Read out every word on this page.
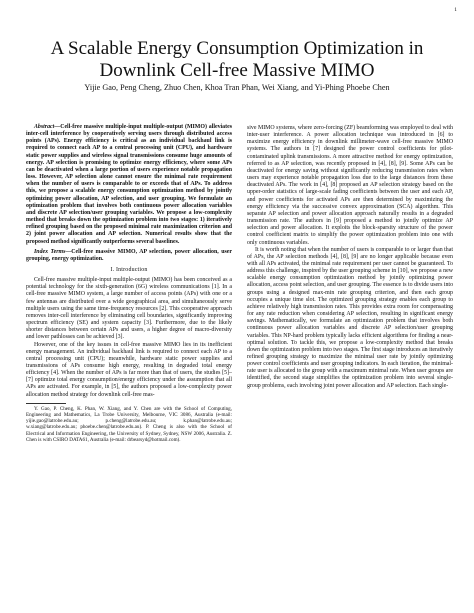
1
A Scalable Energy Consumption Optimization in Downlink Cell-free Massive MIMO
Yijie Gao, Peng Cheng, Zhuo Chen, Khoa Tran Phan, Wei Xiang, and Yi-Phing Phoebe Chen

Abstract—Cell-free massive multiple-input multiple-output (MIMO) alleviates inter-cell interference by cooperatively serving users through distributed access points (APs). Energy efficiency is critical as an individual backhaul link is required to connect each AP to a central processing unit (CPU), and hardware static power supplies and wireless signal transmissions consume huge amounts of energy. AP selection is promising to optimize energy efficiency, where some APs can be deactivated when a large portion of users experience notable propagation loss. However, AP selection alone cannot ensure the minimal rate requirement when the number of users is comparable to or exceeds that of APs. To address this, we propose a scalable energy consumption optimization method by jointly optimizing power allocation, AP selection, and user grouping. We formulate an optimization problem that involves both continuous power allocation variables and discrete AP selection/user grouping variables. We propose a low-complexity method that breaks down the optimization problem into two stages: 1) iteratively refined grouping based on the proposed minimal rate maximization criterion and 2) joint power allocation and AP selection. Numerical results show that the proposed method significantly outperforms several baselines.

Index Terms—Cell-free massive MIMO, AP selection, power allocation, user grouping, energy optimization.

I. Introduction

Cell-free massive multiple-input multiple-output (MIMO) has been conceived as a potential technology for the sixth-generation (6G) wireless communications [1]. In a cell-free massive MIMO system, a large number of access points (APs) with one or a few antennas are distributed over a wide geographical area, and simultaneously serve multiple users using the same time-frequency resources [2]. This cooperative approach removes inter-cell interference by eliminating cell boundaries, significantly improving spectrum efficiency (SE) and system capacity [3]. Furthermore, due to the likely shorter distances between certain APs and users, a higher degree of macro-diversity and lower pathlosses can be achieved [3].

However, one of the key issues in cell-free massive MIMO lies in its inefficient energy management. An individual backhaul link is required to connect each AP to a central processing unit (CPU); meanwhile, hardware static power supplies and transmissions of APs consume high energy, resulting in degraded total energy efficiency [4]. When the number of APs is far more than that of users, the studies [5]–[7] optimize total energy consumption/energy efficiency under the assumption that all APs are activated. For example, in [5], the authors proposed a low-complexity power allocation method strategy for downlink cell-free mas-

Y. Gao, P. Cheng, K. Phan, W. Xiang, and Y. Chen are with the School of Computing, Engineering and Mathematics, La Trobe University, Melbourne, VIC 3086, Australia (e-mail: yijie.gao@latrobe.edu.au; p.cheng@latrobe.edu.au; k.phan@latrobe.edu.au; w.xiang@latrobe.edu.au; phoebe.chen@latrobe.edu.au). P. Cheng is also with the School of Electrical and Information Engineering, the University of Sydney, Sydney, NSW 2006, Australia. Z. Chen is with CSIRO DATA61, Australia (e-mail: drbearsyd@hotmail.com).

sive MIMO systems, where zero-forcing (ZF) beamforming was employed to deal with inter-user interference. A power allocation technique was introduced in [6] to maximize energy efficiency in downlink millimeter-wave cell-free massive MIMO systems. The authors in [7] designed the power control coefficients for pilot-contaminated uplink transmissions. A more attractive method for energy optimization, referred to as AP selection, was recently proposed in [4], [8], [9]. Some APs can be deactivated for energy saving without significantly reducing transmission rates when users may experience notable propagation loss due to the large distances from these deactivated APs. The work in [4], [8] proposed an AP selection strategy based on the upper-order statistics of large-scale fading coefficients between the user and each AP, and power coefficients for activated APs are then determined by maximizing the energy efficiency via the successive convex approximation (SCA) algorithm. This separate AP selection and power allocation approach naturally results in a degraded transmission rate. The authors in [9] proposed a method to jointly optimize AP selection and power allocation. It exploits the block-sparsity structure of the power control coefficient matrix to simplify the power optimization problem into one with only continuous variables.

It is worth noting that when the number of users is comparable to or larger than that of APs, the AP selection methods [4], [8], [9] are no longer applicable because even with all APs activated, the minimal rate requirement per user cannot be guaranteed. To address this challenge, inspired by the user grouping scheme in [10], we propose a new scalable energy consumption optimization method by jointly optimizing power allocation, access point selection, and user grouping. The essence is to divide users into groups using a designed max-min rate grouping criterion, and then each group occupies a unique time slot. The optimized grouping strategy enables each group to achieve relatively high transmission rates. This provides extra room for compensating for any rate reduction when considering AP selection, resulting in significant energy savings. Mathematically, we formulate an optimization problem that involves both continuous power allocation variables and discrete AP selection/user grouping variables. This NP-hard problem typically lacks efficient algorithms for finding a near-optimal solution. To tackle this, we propose a low-complexity method that breaks down the optimization problem into two stages. The first stage introduces an iteratively refined grouping strategy to maximize the minimal user rate by jointly optimizing power control coefficients and user grouping indicators. In each iteration, the minimal-rate user is allocated to the group with a maximum minimal rate. When user groups are identified, the second stage simplifies the optimization problem into several single-group problems, each involving joint power allocation and AP selection. Each single-
